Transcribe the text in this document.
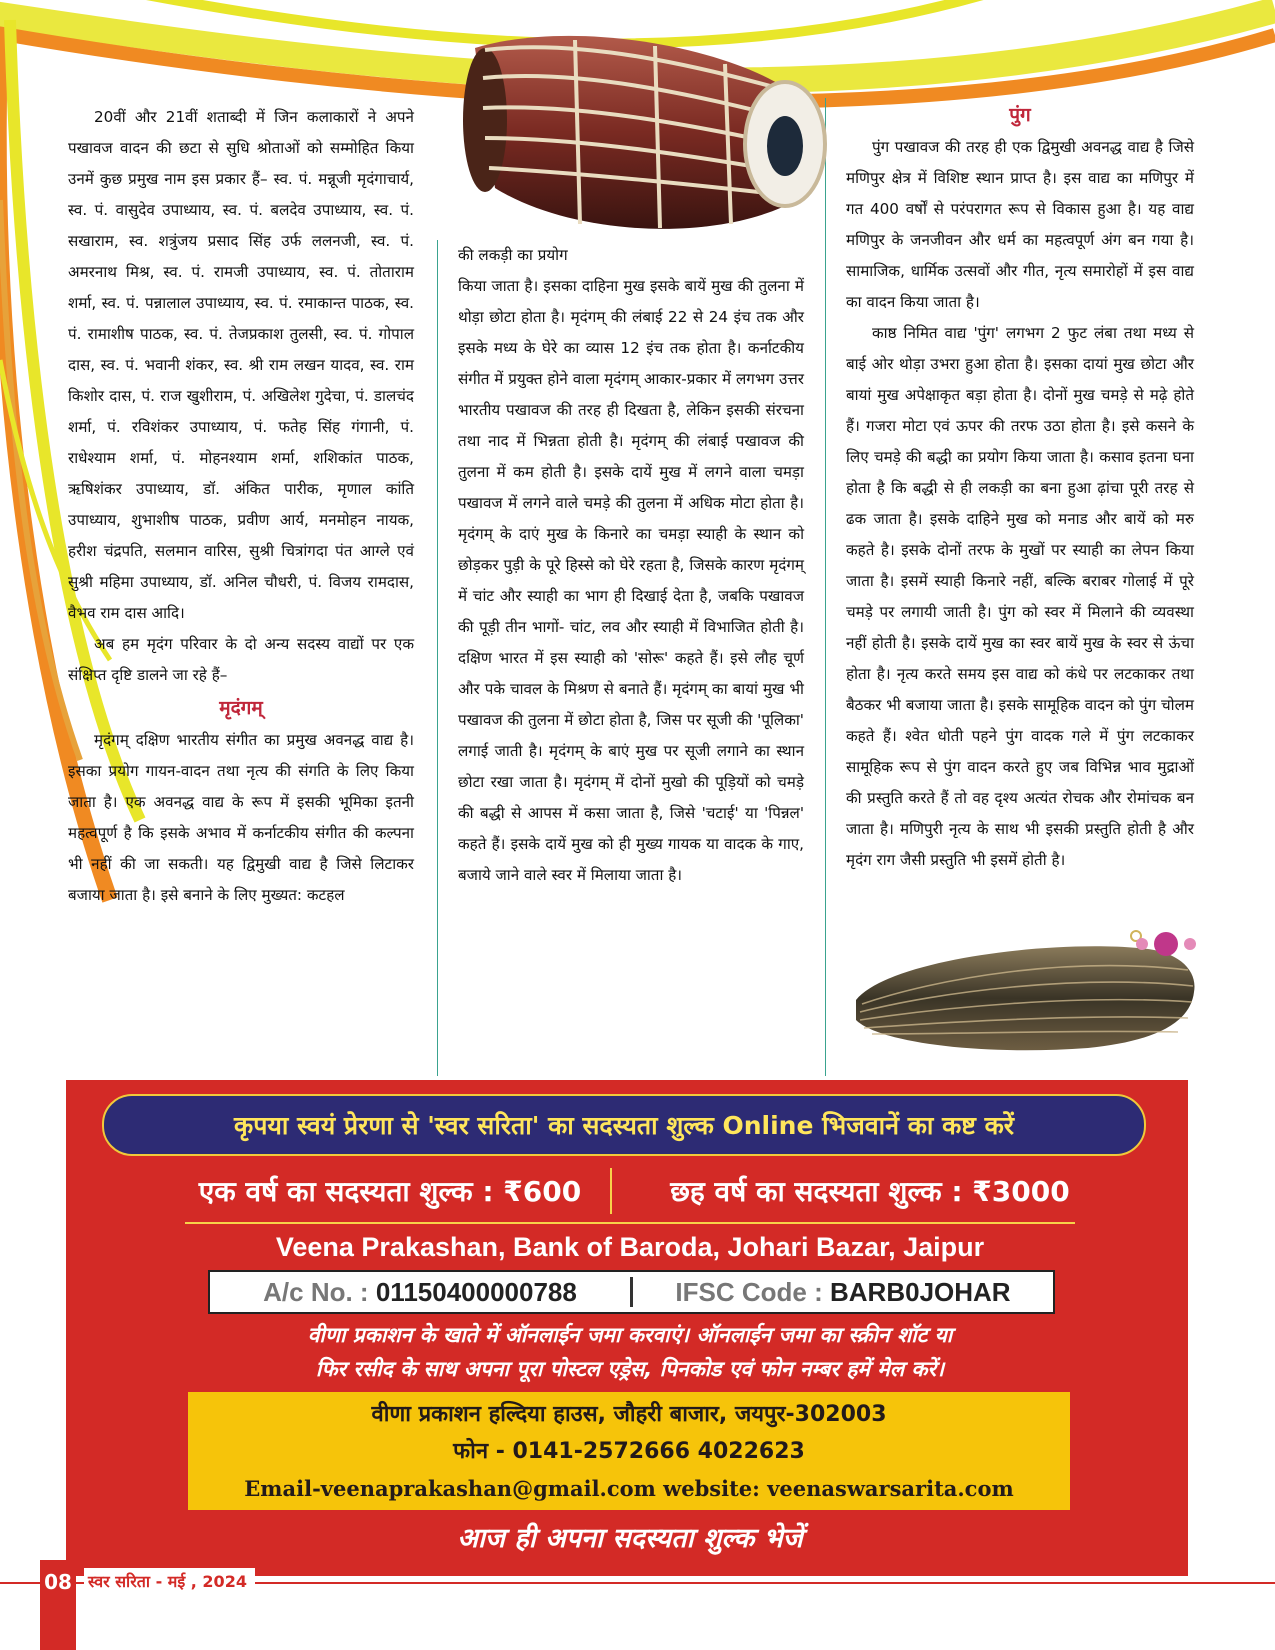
20वीं और 21वीं शताब्दी में जिन कलाकारों ने अपने पखावज वादन की छटा से सुधि श्रोताओं को सम्मोहित किया उनमें कुछ प्रमुख नाम इस प्रकार हैं– स्व. पं. मन्नूजी मृदंगाचार्य, स्व. पं. वासुदेव उपाध्याय, स्व. पं. बलदेव उपाध्याय, स्व. पं. सखाराम, स्व. शत्रुंजय प्रसाद सिंह उर्फ ललनजी, स्व. पं. अमरनाथ मिश्र, स्व. पं. रामजी उपाध्याय, स्व. पं. तोताराम शर्मा, स्व. पं. पन्नालाल उपाध्याय, स्व. पं. रमाकान्त पाठक, स्व. पं. रामाशीष पाठक, स्व. पं. तेजप्रकाश तुलसी, स्व. पं. गोपाल दास, स्व. पं. भवानी शंकर, स्व. श्री राम लखन यादव, स्व. राम किशोर दास, पं. राज खुशीराम, पं. अखिलेश गुदेचा, पं. डालचंद शर्मा, पं. रविशंकर उपाध्याय, पं. फतेह सिंह गंगानी, पं. राधेश्याम शर्मा, पं. मोहनश्याम शर्मा, शशिकांत पाठक, ऋषिशंकर उपाध्याय, डॉ. अंकित पारीक, मृणाल कांति उपाध्याय, शुभाशीष पाठक, प्रवीण आर्य, मनमोहन नायक, हरीश चंद्रपति, सलमान वारिस, सुश्री चित्रांगदा पंत आग्ले एवं सुश्री महिमा उपाध्याय, डॉ. अनिल चौधरी, पं. विजय रामदास, वैभव राम दास आदि।

अब हम मृदंग परिवार के दो अन्य सदस्य वाद्यों पर एक संक्षिप्त दृष्टि डालने जा रहे हैं–

मृदंगम्

मृदंगम् दक्षिण भारतीय संगीत का प्रमुख अवनद्ध वाद्य है। इसका प्रयोग गायन-वादन तथा नृत्य की संगति के लिए किया जाता है। एक अवनद्ध वाद्य के रूप में इसकी भूमिका इतनी महत्वपूर्ण है कि इसके अभाव में कर्नाटकीय संगीत की कल्पना भी नहीं की जा सकती। यह द्विमुखी वाद्य है जिसे लिटाकर बजाया जाता है। इसे बनाने के लिए मुख्यत: कटहल

की लकड़ी का प्रयोग

किया जाता है। इसका दाहिना मुख इसके बायें मुख की तुलना में थोड़ा छोटा होता है। मृदंगम् की लंबाई 22 से 24 इंच तक और इसके मध्य के घेरे का व्यास 12 इंच तक होता है। कर्नाटकीय संगीत में प्रयुक्त होने वाला मृदंगम् आकार-प्रकार में लगभग उत्तर भारतीय पखावज की तरह ही दिखता है, लेकिन इसकी संरचना तथा नाद में भिन्नता होती है। मृदंगम् की लंबाई पखावज की तुलना में कम होती है। इसके दायें मुख में लगने वाला चमड़ा पखावज में लगने वाले चमड़े की तुलना में अधिक मोटा होता है। मृदंगम् के दाएं मुख के किनारे का चमड़ा स्याही के स्थान को छोड़कर पुड़ी के पूरे हिस्से को घेरे रहता है, जिसके कारण मृदंगम् में चांट और स्याही का भाग ही दिखाई देता है, जबकि पखावज की पूड़ी तीन भागों- चांट, लव और स्याही में विभाजित होती है। दक्षिण भारत में इस स्याही को 'सोरू' कहते हैं। इसे लौह चूर्ण और पके चावल के मिश्रण से बनाते हैं। मृदंगम् का बायां मुख भी पखावज की तुलना में छोटा होता है, जिस पर सूजी की 'पूलिका' लगाई जाती है। मृदंगम् के बाएं मुख पर सूजी लगाने का स्थान छोटा रखा जाता है। मृदंगम् में दोनों मुखो की पूड़ियों को चमड़े की बद्धी से आपस में कसा जाता है, जिसे 'चटाई' या 'पिन्नल' कहते हैं। इसके दायें मुख को ही मुख्य गायक या वादक के गाए, बजाये जाने वाले स्वर में मिलाया जाता है।

पुंग

पुंग पखावज की तरह ही एक द्विमुखी अवनद्ध वाद्य है जिसे मणिपुर क्षेत्र में विशिष्ट स्थान प्राप्त है। इस वाद्य का मणिपुर में गत 400 वर्षों से परंपरागत रूप से विकास हुआ है। यह वाद्य मणिपुर के जनजीवन और धर्म का महत्वपूर्ण अंग बन गया है। सामाजिक, धार्मिक उत्सवों और गीत, नृत्य समारोहों में इस वाद्य का वादन किया जाता है।

काष्ठ निमित वाद्य 'पुंग' लगभग 2 फुट लंबा तथा मध्य से बाई ओर थोड़ा उभरा हुआ होता है। इसका दायां मुख छोटा और बायां मुख अपेक्षाकृत बड़ा होता है। दोनों मुख चमड़े से मढ़े होते हैं। गजरा मोटा एवं ऊपर की तरफ उठा होता है। इसे कसने के लिए चमड़े की बद्धी का प्रयोग किया जाता है। कसाव इतना घना होता है कि बद्धी से ही लकड़ी का बना हुआ ढ़ांचा पूरी तरह से ढक जाता है। इसके दाहिने मुख को मनाड और बायें को मरु कहते है। इसके दोनों तरफ के मुखों पर स्याही का लेपन किया जाता है। इसमें स्याही किनारे नहीं, बल्कि बराबर गोलाई में पूरे चमड़े पर लगायी जाती है। पुंग को स्वर में मिलाने की व्यवस्था नहीं होती है। इसके दायें मुख का स्वर बायें मुख के स्वर से ऊंचा होता है। नृत्य करते समय इस वाद्य को कंधे पर लटकाकर तथा बैठकर भी बजाया जाता है। इसके सामूहिक वादन को पुंग चोलम कहते हैं। श्वेत धोती पहने पुंग वादक गले में पुंग लटकाकर सामूहिक रूप से पुंग वादन करते हुए जब विभिन्न भाव मुद्राओं की प्रस्तुति करते हैं तो वह दृश्य अत्यंत रोचक और रोमांचक बन जाता है। मणिपुरी नृत्य के साथ भी इसकी प्रस्तुति होती है और मृदंग राग जैसी प्रस्तुति भी इसमें होती है।

कृपया स्वयं प्रेरणा से 'स्वर सरिता' का सदस्यता शुल्क Online भिजवानें का कष्ट करें
एक वर्ष का सदस्यता शुल्क : ₹600	छह वर्ष का सदस्यता शुल्क : ₹3000
Veena Prakashan, Bank of Baroda, Johari Bazar, Jaipur
A/c No. :
01150400000788	IFSC Code :
BARB0JOHAR
वीणा प्रकाशन के खाते में ऑनलाईन जमा करवाएं। ऑनलाईन जमा का स्क्रीन शॉट या
फिर रसीद के साथ अपना पूरा पोस्टल एड्रेस, पिनकोड एवं फोन नम्बर हमें मेल करें।
वीणा प्रकाशन हल्दिया हाउस, जौहरी बाजार, जयपुर-302003
फोन - 0141-2572666 4022623
Email-veenaprakashan@gmail.com website: veenaswarsarita.com
आज ही अपना सदस्यता शुल्क भेजें
08 स्वर सरिता - मई , 2024
